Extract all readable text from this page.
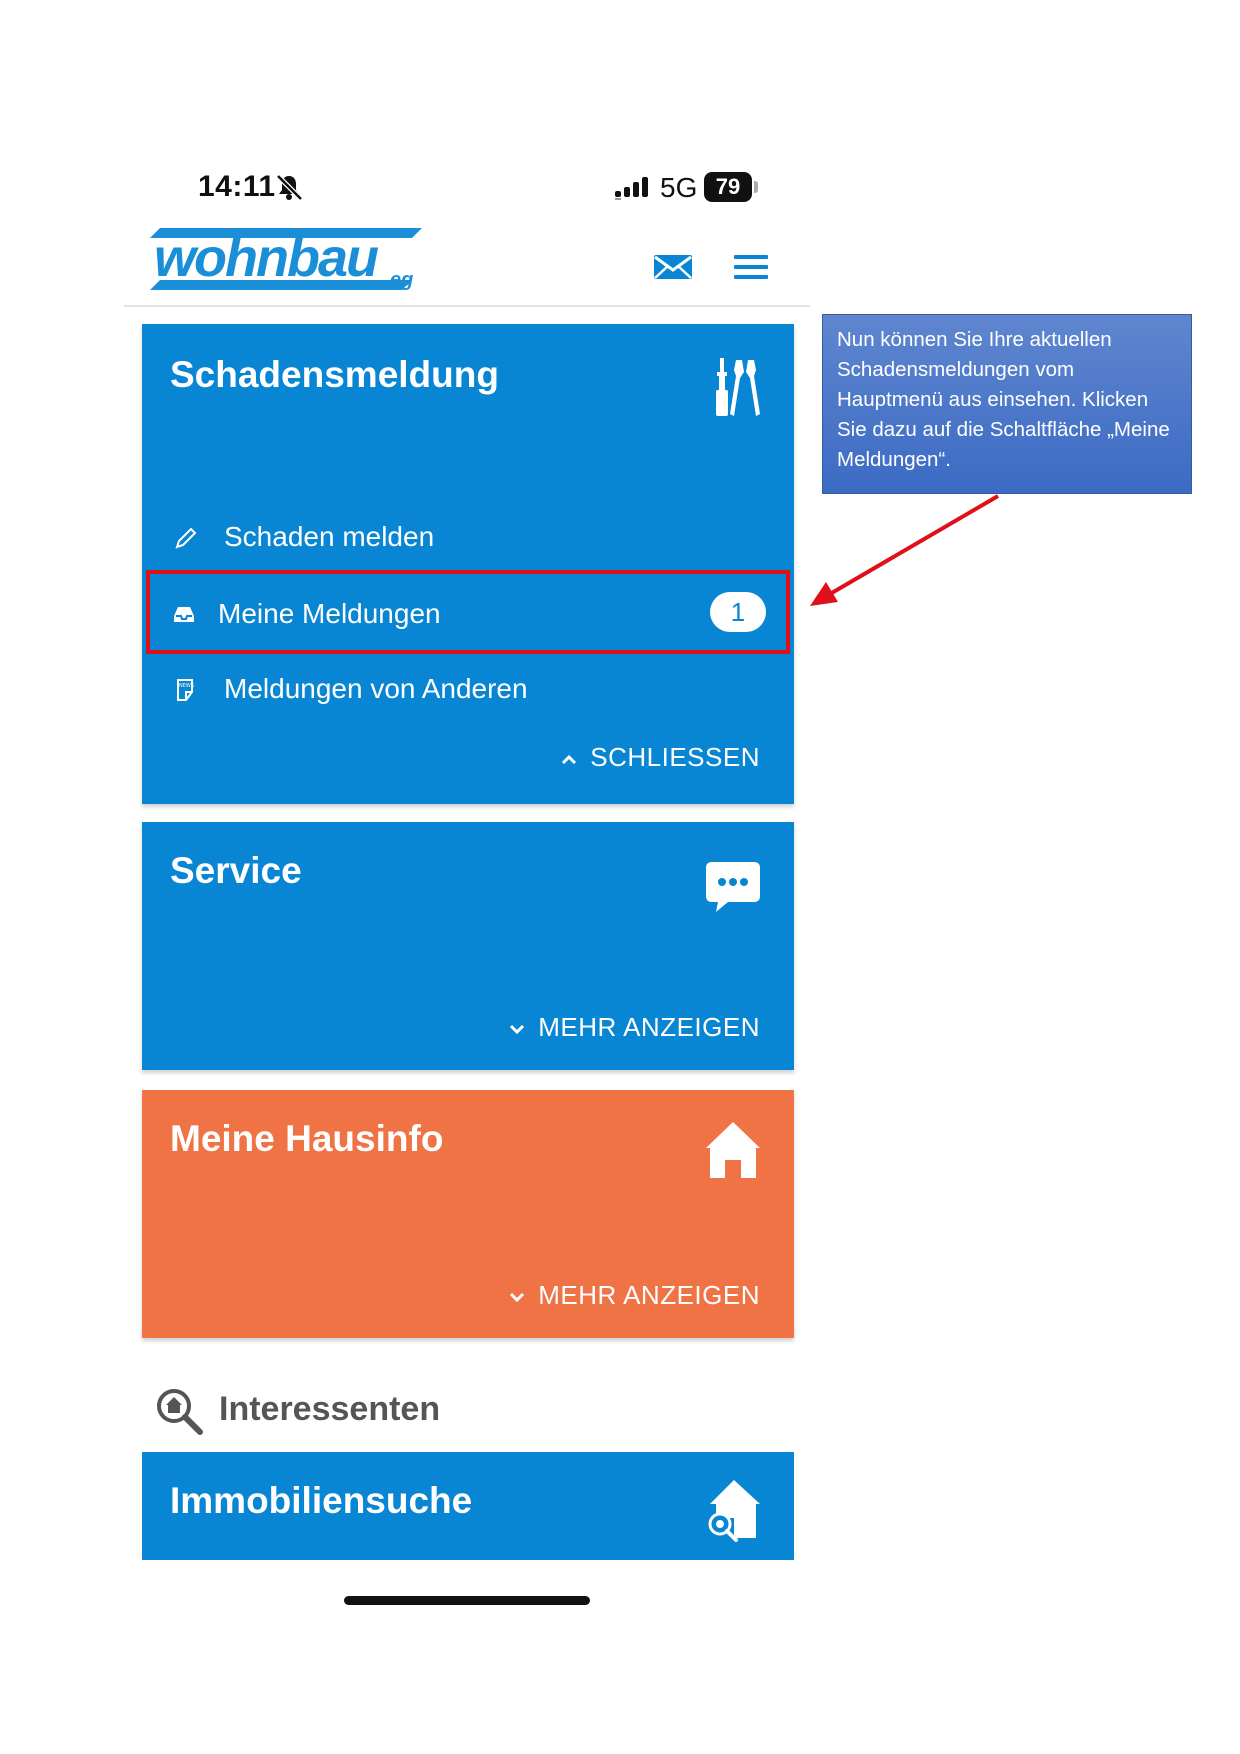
14:11	5G 79
wohnbau eg
Schadensmeldung
Schaden melden
Meine Meldungen	1
NEWS Meldungen von Anderen
SCHLIESSEN
Service
MEHR ANZEIGEN
Meine Hausinfo
MEHR ANZEIGEN
Interessenten
Immobiliensuche
Nun können Sie Ihre aktuellen Schadensmeldungen vom Hauptmenü aus einsehen. Klicken Sie dazu auf die Schaltfläche „Meine Meldungen“.
